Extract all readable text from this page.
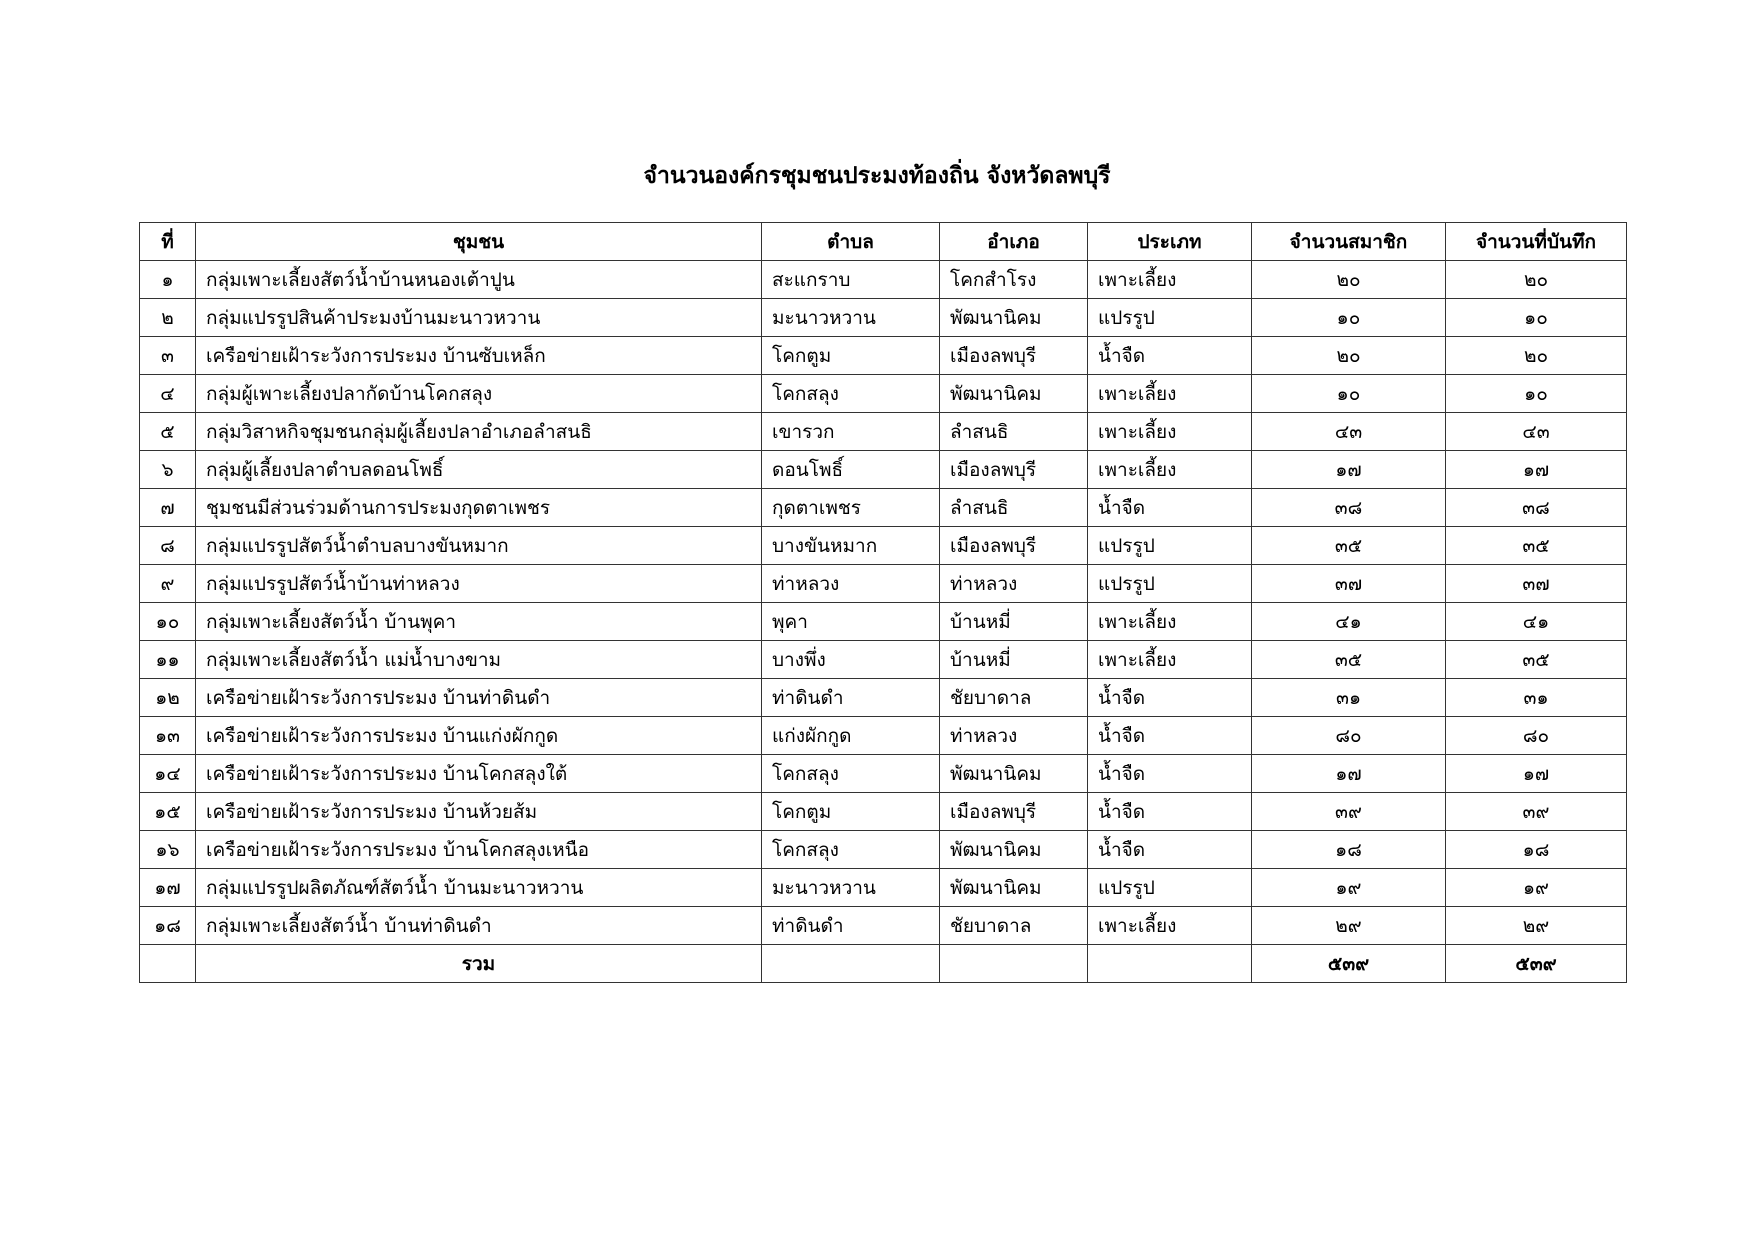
จำนวนองค์กรชุมชนประมงท้องถิ่น จังหวัดลพบุรี
ที่	ชุมชน	ตำบล	อำเภอ	ประเภท	จำนวนสมาชิก	จำนวนที่บันทึก
๑	กลุ่มเพาะเลี้ยงสัตว์น้ำบ้านหนองเต้าปูน	สะแกราบ	โคกสำโรง	เพาะเลี้ยง	๒๐	๒๐
๒	กลุ่มแปรรูปสินค้าประมงบ้านมะนาวหวาน	มะนาวหวาน	พัฒนานิคม	แปรรูป	๑๐	๑๐
๓	เครือข่ายเฝ้าระวังการประมง บ้านซับเหล็ก	โคกตูม	เมืองลพบุรี	น้ำจืด	๒๐	๒๐
๔	กลุ่มผู้เพาะเลี้ยงปลากัดบ้านโคกสลุง	โคกสลุง	พัฒนานิคม	เพาะเลี้ยง	๑๐	๑๐
๕	กลุ่มวิสาหกิจชุมชนกลุ่มผู้เลี้ยงปลาอำเภอลำสนธิ	เขารวก	ลำสนธิ	เพาะเลี้ยง	๔๓	๔๓
๖	กลุ่มผู้เลี้ยงปลาตำบลดอนโพธิ์	ดอนโพธิ์	เมืองลพบุรี	เพาะเลี้ยง	๑๗	๑๗
๗	ชุมชนมีส่วนร่วมด้านการประมงกุดตาเพชร	กุดตาเพชร	ลำสนธิ	น้ำจืด	๓๘	๓๘
๘	กลุ่มแปรรูปสัตว์น้ำตำบลบางขันหมาก	บางขันหมาก	เมืองลพบุรี	แปรรูป	๓๕	๓๕
๙	กลุ่มแปรรูปสัตว์น้ำบ้านท่าหลวง	ท่าหลวง	ท่าหลวง	แปรรูป	๓๗	๓๗
๑๐	กลุ่มเพาะเลี้ยงสัตว์น้ำ บ้านพุคา	พุคา	บ้านหมี่	เพาะเลี้ยง	๔๑	๔๑
๑๑	กลุ่มเพาะเลี้ยงสัตว์น้ำ แม่น้ำบางขาม	บางพึ่ง	บ้านหมี่	เพาะเลี้ยง	๓๕	๓๕
๑๒	เครือข่ายเฝ้าระวังการประมง บ้านท่าดินดำ	ท่าดินดำ	ชัยบาดาล	น้ำจืด	๓๑	๓๑
๑๓	เครือข่ายเฝ้าระวังการประมง บ้านแก่งผักกูด	แก่งผักกูด	ท่าหลวง	น้ำจืด	๘๐	๘๐
๑๔	เครือข่ายเฝ้าระวังการประมง บ้านโคกสลุงใต้	โคกสลุง	พัฒนานิคม	น้ำจืด	๑๗	๑๗
๑๕	เครือข่ายเฝ้าระวังการประมง บ้านห้วยส้ม	โคกตูม	เมืองลพบุรี	น้ำจืด	๓๙	๓๙
๑๖	เครือข่ายเฝ้าระวังการประมง บ้านโคกสลุงเหนือ	โคกสลุง	พัฒนานิคม	น้ำจืด	๑๘	๑๘
๑๗	กลุ่มแปรรูปผลิตภัณฑ์สัตว์น้ำ บ้านมะนาวหวาน	มะนาวหวาน	พัฒนานิคม	แปรรูป	๑๙	๑๙
๑๘	กลุ่มเพาะเลี้ยงสัตว์น้ำ บ้านท่าดินดำ	ท่าดินดำ	ชัยบาดาล	เพาะเลี้ยง	๒๙	๒๙
	รวม				๕๓๙	๕๓๙
